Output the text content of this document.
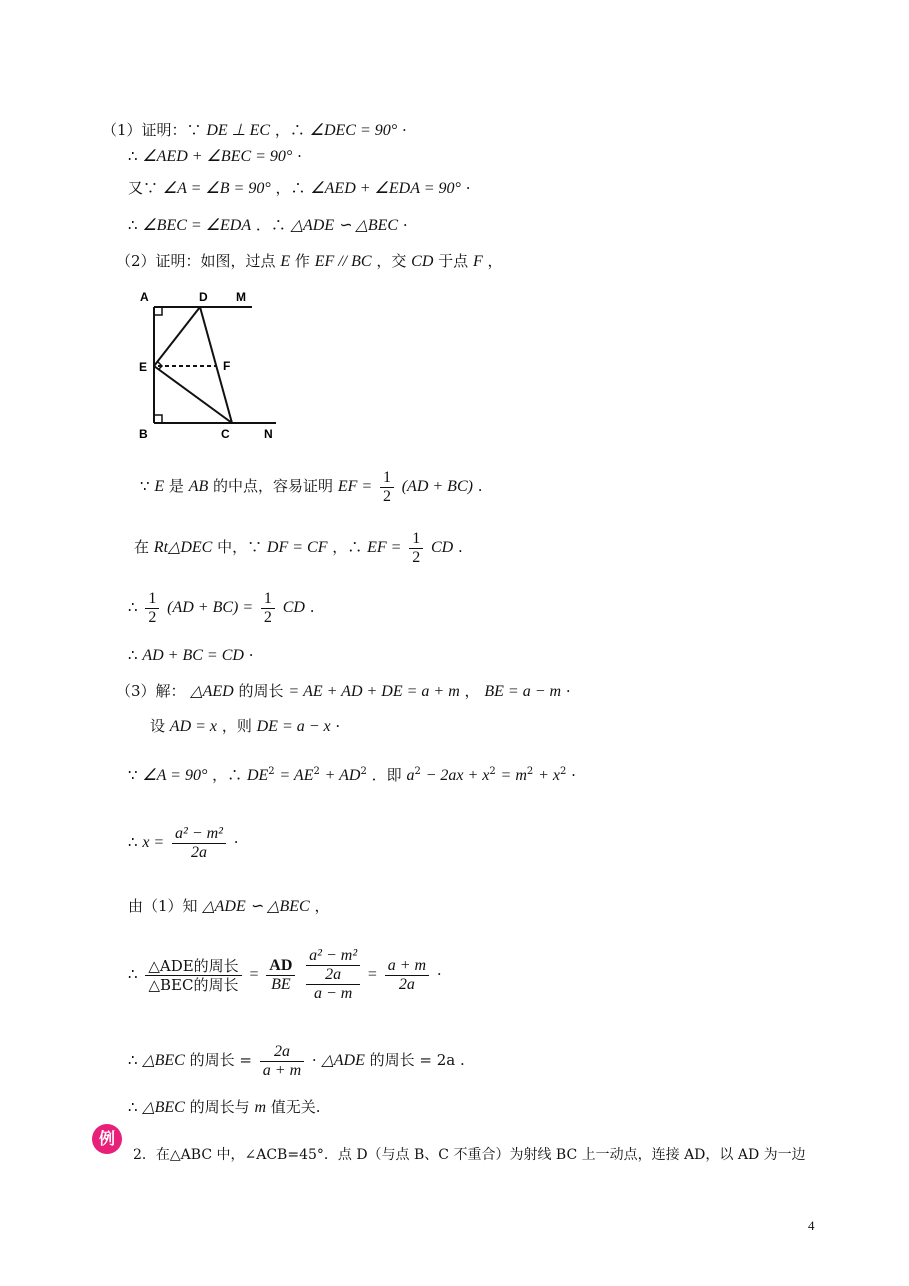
（1）证明：∵ DE ⊥ EC ，∴ ∠DEC = 90° ·
∴ ∠AED + ∠BEC = 90° ·
又∵ ∠A = ∠B = 90° ，∴ ∠AED + ∠EDA = 90° ·
∴ ∠BEC = ∠EDA ．∴ △ADE ∽ △BEC ·
（2）证明：如图，过点 E 作 EF // BC ，交 CD 于点 F ，
A	D M
E	F
B	C	N
∵ E 是 AB 的中点，容易证明 EF = $\frac{1}{2} (AD + BC)$ .
在 Rt△DEC 中，∵ DF = CF ，∴ EF = $\frac{1}{2}$ CD .
∴ $\frac{1}{2} (AD + BC) = \frac{1}{2}$ CD .
∴ AD + BC = CD ·
（3）解： △AED 的周长 = AE + AD + DE = a + m ， BE = a − m ·
设 AD = x ，则 DE = a − x ·
∵ ∠A = 90° ，∴ $DE^2 = AE^2 + AD^2$ ．即 $a^2 - 2ax + x^2 = m^2 + x^2$ ·
∴ $x = \frac{\text{a² − m²}}{2a}$ ·
由（1）知 △ADE ∽ △BEC ，
∴ $\frac{\text{△ADE的周长}}{\text{△BEC的周长}} = \frac{AD}{BE}$

a² − m²
2a
a − m
= $\frac{a + m}{2a}$ ·
∴ △BEC 的周长 = $\frac{2a}{a + m}$ · △ADE 的周长 = 2a .
∴ △BEC 的周长与 m 值无关.
例
2．在△ABC 中，∠ACB=45°．点 D（与点 B、C 不重合）为射线 BC 上一动点，连接 AD，以 AD 为一边
4
